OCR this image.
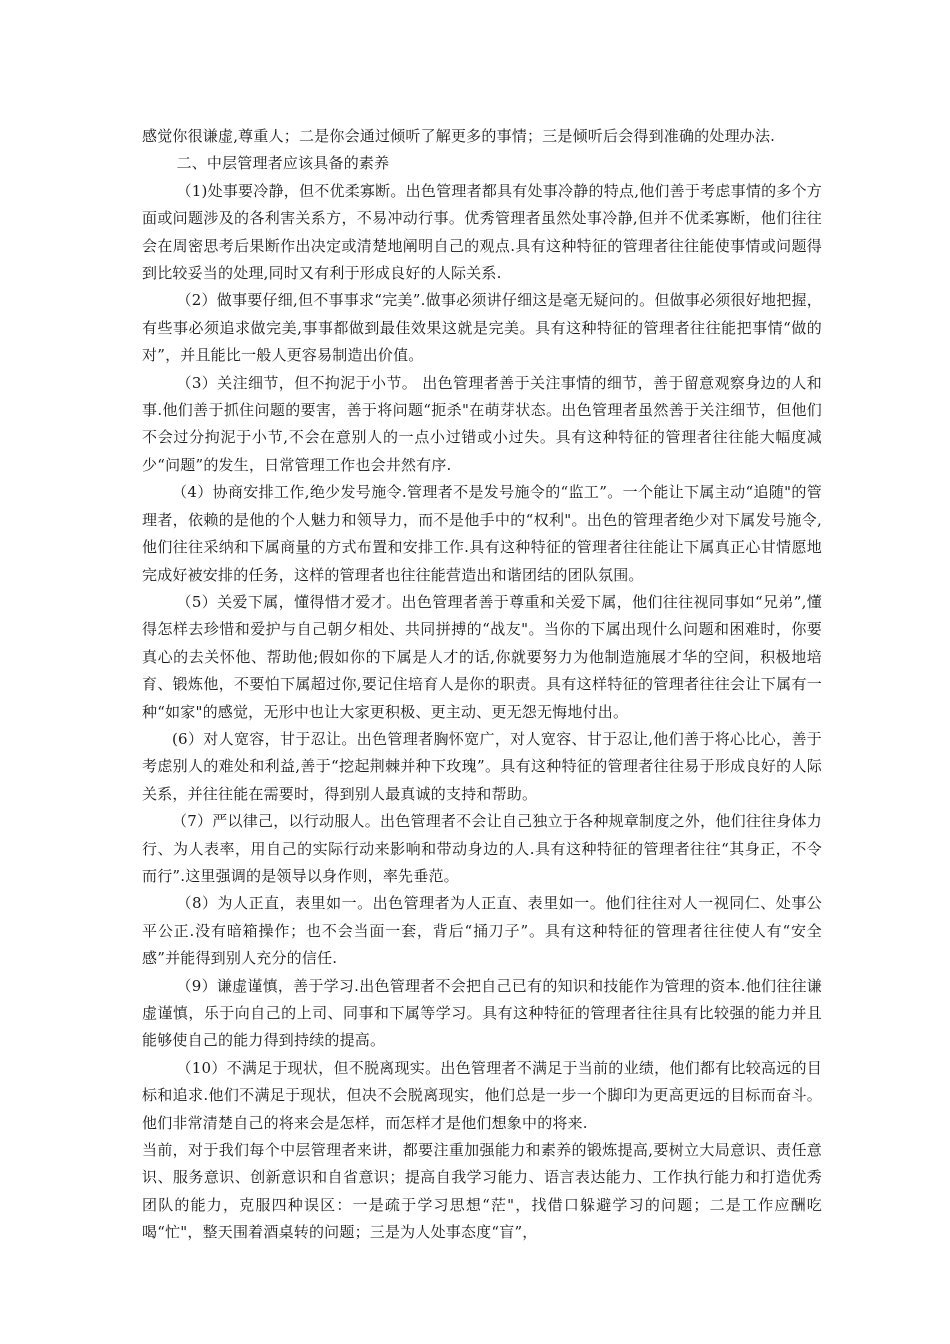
感觉你很谦虚,尊重人；二是你会通过倾听了解更多的事情；三是倾听后会得到准确的处理办法.

二、中层管理者应该具备的素养

（1)处事要冷静，但不优柔寡断。出色管理者都具有处事冷静的特点,他们善于考虑事情的多个方面或问题涉及的各利害关系方，不易冲动行事。优秀管理者虽然处事冷静,但并不优柔寡断，他们往往会在周密思考后果断作出决定或清楚地阐明自己的观点.具有这种特征的管理者往往能使事情或问题得到比较妥当的处理,同时又有利于形成良好的人际关系.

（2）做事要仔细,但不事事求“完美”.做事必须讲仔细这是毫无疑问的。但做事必须很好地把握，有些事必须追求做完美,事事都做到最佳效果这就是完美。具有这种特征的管理者往往能把事情“做的对”，并且能比一般人更容易制造出价值。

（3）关注细节，但不拘泥于小节。 出色管理者善于关注事情的细节，善于留意观察身边的人和事.他们善于抓住问题的要害，善于将问题“扼杀"在萌芽状态。出色管理者虽然善于关注细节，但他们不会过分拘泥于小节,不会在意别人的一点小过错或小过失。具有这种特征的管理者往往能大幅度减少“问题”的发生，日常管理工作也会井然有序.

（4）协商安排工作,绝少发号施令.管理者不是发号施令的“监工”。一个能让下属主动“追随"的管理者，依赖的是他的个人魅力和领导力，而不是他手中的“权利"。出色的管理者绝少对下属发号施令,他们往往采纳和下属商量的方式布置和安排工作.具有这种特征的管理者往往能让下属真正心甘情愿地完成好被安排的任务，这样的管理者也往往能营造出和谐团结的团队氛围。

（5）关爱下属，懂得惜才爱才。出色管理者善于尊重和关爱下属，他们往往视同事如“兄弟”,懂得怎样去珍惜和爱护与自己朝夕相处、共同拼搏的“战友"。当你的下属出现什么问题和困难时，你要真心的去关怀他、帮助他;假如你的下属是人才的话,你就要努力为他制造施展才华的空间，积极地培育、锻炼他，不要怕下属超过你,要记住培育人是你的职责。具有这样特征的管理者往往会让下属有一种“如家"的感觉，无形中也让大家更积极、更主动、更无怨无悔地付出。

(6）对人宽容，甘于忍让。出色管理者胸怀宽广，对人宽容、甘于忍让,他们善于将心比心，善于考虑别人的难处和利益,善于“挖起荆棘并种下玫瑰”。具有这种特征的管理者往往易于形成良好的人际关系，并往往能在需要时，得到别人最真诚的支持和帮助。

（7）严以律己，以行动服人。出色管理者不会让自己独立于各种规章制度之外，他们往往身体力行、为人表率，用自己的实际行动来影响和带动身边的人.具有这种特征的管理者往往“其身正，不令而行”.这里强调的是领导以身作则，率先垂范。

（8）为人正直，表里如一。出色管理者为人正直、表里如一。他们往往对人一视同仁、处事公平公正.没有暗箱操作；也不会当面一套，背后“捅刀子”。具有这种特征的管理者往往使人有“安全感”并能得到别人充分的信任.

（9）谦虚谨慎，善于学习.出色管理者不会把自己已有的知识和技能作为管理的资本.他们往往谦虚谨慎，乐于向自己的上司、同事和下属等学习。具有这种特征的管理者往往具有比较强的能力并且能够使自己的能力得到持续的提高。

（10）不满足于现状，但不脱离现实。出色管理者不满足于当前的业绩，他们都有比较高远的目标和追求.他们不满足于现状，但决不会脱离现实，他们总是一步一个脚印为更高更远的目标而奋斗。他们非常清楚自己的将来会是怎样，而怎样才是他们想象中的将来.

当前，对于我们每个中层管理者来讲，都要注重加强能力和素养的锻炼提高,要树立大局意识、责任意识、服务意识、创新意识和自省意识；提高自我学习能力、语言表达能力、工作执行能力和打造优秀团队的能力，克服四种误区：一是疏于学习思想“茫"，找借口躲避学习的问题；二是工作应酬吃喝“忙"，整天围着酒桌转的问题；三是为人处事态度“盲”，
